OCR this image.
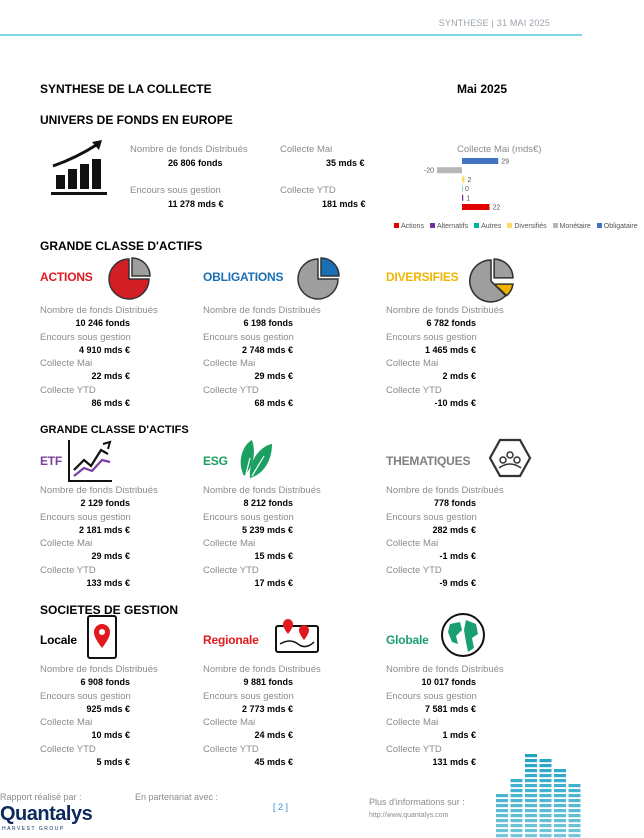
SYNTHESE | 31 MAI 2025
SYNTHESE DE LA COLLECTE	Mai 2025
UNIVERS DE FONDS EN EUROPE
Nombre de fonds Distribués
26 806 fonds
Collecte Mai
35 mds €
Encours sous gestion
11 278 mds €
Collecte YTD
181 mds €
Collecte Mai (mds€)
29
-20
2
0
1
22
Actions Alternatifs Autres Diversifiés Monétaire Obligataire
GRANDE CLASSE D'ACTIFS
ACTIONS	OBLIGATIONS	DIVERSIFIES
Nombre de fonds Distribués
10 246 fonds
Encours sous gestion
4 910 mds €
Collecte Mai
22 mds €
Collecte YTD
86 mds €
Nombre de fonds Distribués
6 198 fonds
Encours sous gestion
2 748 mds €
Collecte Mai
29 mds €
Collecte YTD
68 mds €
Nombre de fonds Distribués
6 782 fonds
Encours sous gestion
1 465 mds €
Collecte Mai
2 mds €
Collecte YTD
-10 mds €
GRANDE CLASSE D'ACTIFS
ETF	ESG	THEMATIQUES
Nombre de fonds Distribués
2 129 fonds
Encours sous gestion
2 181 mds €
Collecte Mai
29 mds €
Collecte YTD
133 mds €
Nombre de fonds Distribués
8 212 fonds
Encours sous gestion
5 239 mds €
Collecte Mai
15 mds €
Collecte YTD
17 mds €
Nombre de fonds Distribués
778 fonds
Encours sous gestion
282 mds €
Collecte Mai
-1 mds €
Collecte YTD
-9 mds €
SOCIETES DE GESTION
Locale	Regionale	Globale
Nombre de fonds Distribués
6 908 fonds
Encours sous gestion
925 mds €
Collecte Mai
10 mds €
Collecte YTD
5 mds €
Nombre de fonds Distribués
9 881 fonds
Encours sous gestion
2 773 mds €
Collecte Mai
24 mds €
Collecte YTD
45 mds €
Nombre de fonds Distribués
10 017 fonds
Encours sous gestion
7 581 mds €
Collecte Mai
1 mds €
Collecte YTD
131 mds €
Rapport réalisé par :
Quantalys
HARVEST GROUP
En partenariat avec :
[ 2 ]	Plus d'informations sur :
http://www.quantalys.com
